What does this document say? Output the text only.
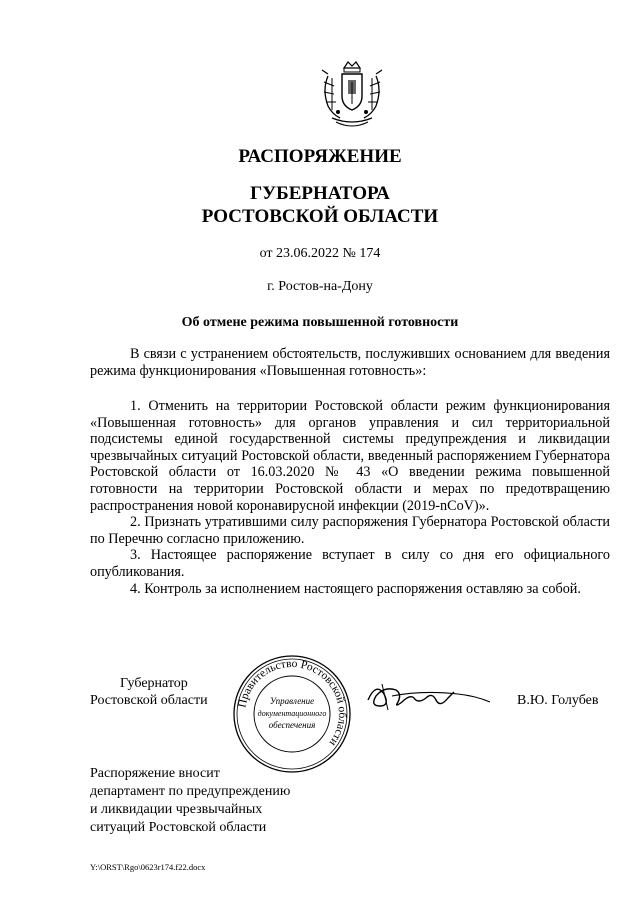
РАСПОРЯЖЕНИЕ
ГУБЕРНАТОРА
РОСТОВСКОЙ ОБЛАСТИ
от 23.06.2022 № 174
г. Ростов-на-Дону
Об отмене режима повышенной готовности

В связи с устранением обстоятельств, послуживших основанием для введения режима функционирования «Повышенная готовность»:

1. Отменить на территории Ростовской области режим функционирования «Повышенная готовность» для органов управления и сил территориальной подсистемы единой государственной системы предупреждения и ликвидации чрезвычайных ситуаций Ростовской области, введенный распоряжением Губернатора Ростовской области от 16.03.2020 № 43 «О введении режима повышенной готовности на территории Ростовской области и мерах по предотвращению распространения новой коронавирусной инфекции (2019-nCoV)».

2. Признать утратившими силу распоряжения Губернатора Ростовской области по Перечню согласно приложению.

3. Настоящее распоряжение вступает в силу со дня его официального опубликования.

4. Контроль за исполнением настоящего распоряжения оставляю за собой.

Губернатор
Ростовской области	Правительство Ростовской области
Управление
документационного
обеспечения
В.Ю. Голубев
Распоряжение вносит
департамент по предупреждению
и ликвидации чрезвычайных
ситуаций Ростовской области
Y:\ORST\Rgo\0623r174.f22.docx
